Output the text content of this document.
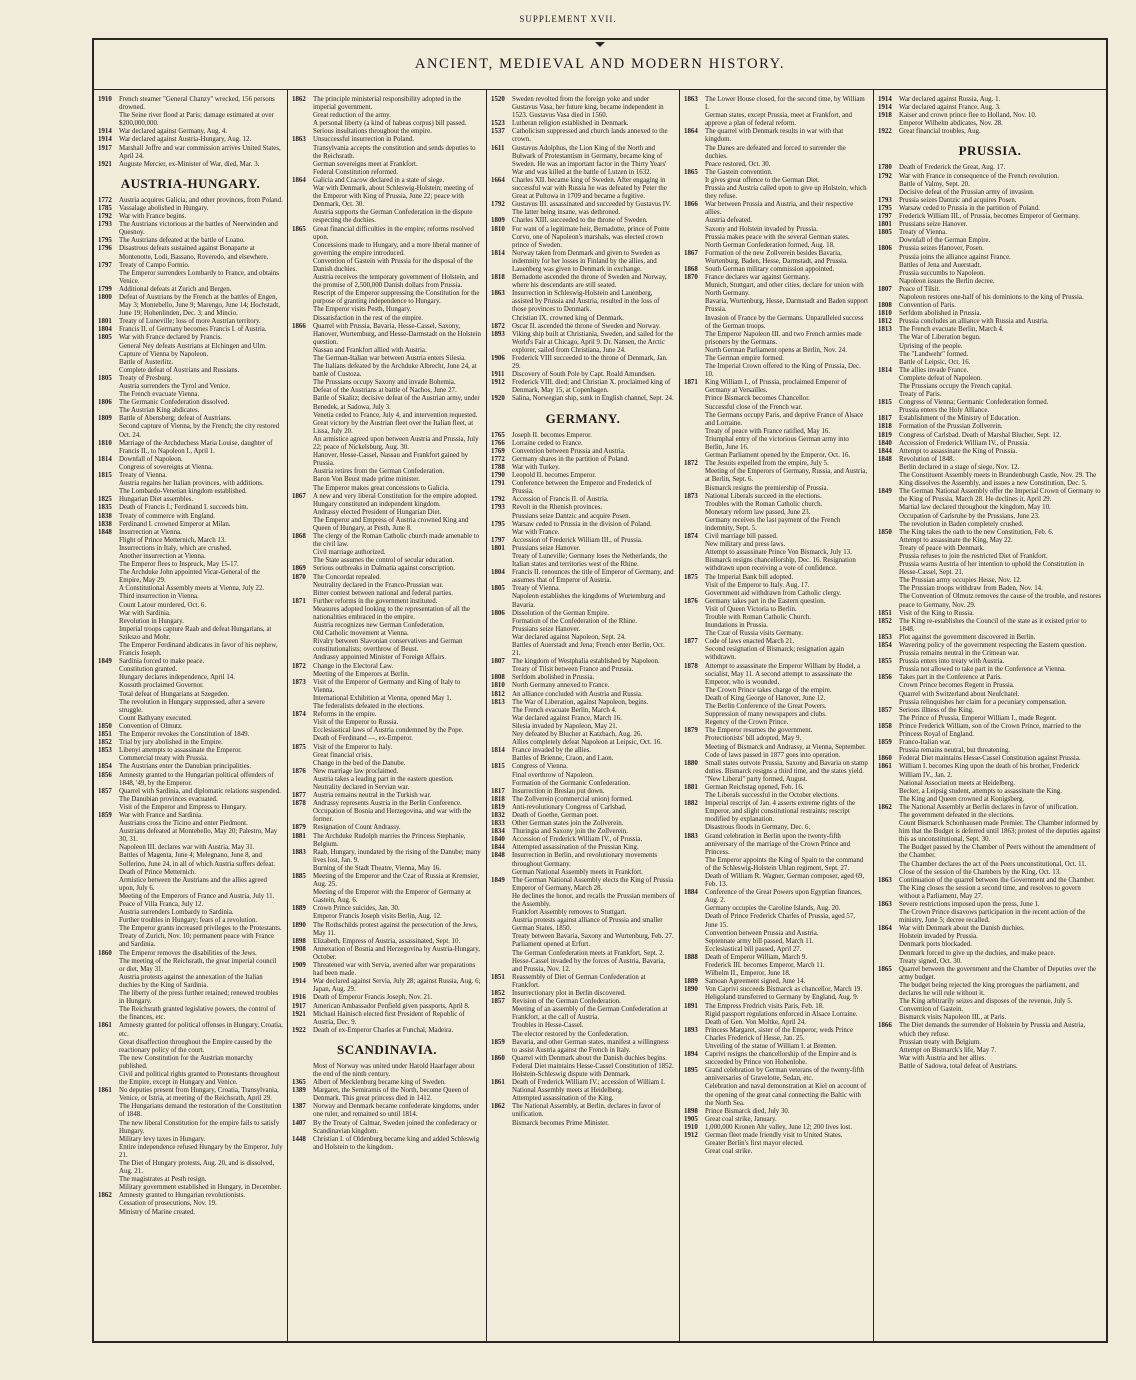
SUPPLEMENT XVII.
ANCIENT, MEDIEVAL AND MODERN HISTORY.
1910	French steamer "General Chanzy" wrecked, 156 persons drowned.
The Seine river flood at Paris; damage estimated at over $200,000,000.
1914	War declared against Germany, Aug. 4.
1914	War declared against Austria-Hungary, Aug. 12.
1917	Marshall Joffre and war commission arrives United States, April 24.
1921	Auguste Mercier, ex-Minister of War, died, Mar. 3.
AUSTRIA-HUNGARY.
1772	Austria acquires Galicia, and other provinces, from Poland.
1785	Vassalage abolished in Hungary.
1792	War with France begins.
1793	The Austrians victorious at the battles of Neerwinden and Quesnoy.
1795	The Austrians defeated at the battle of Loano.
1796	Disastrous defeats sustained against Bonaparte at Montenotte, Lodi, Bassano, Roveredo, and elsewhere.
1797	Treaty of Campo Formio.
The Emperor surrenders Lombardy to France, and obtains Venice.
1799	Additional defeats at Zurich and Bergen.
1800	Defeat of Austrians by the French at the battles of Engen, May 3; Montebello, June 9; Marengo, June 14; Hochstadt, June 19; Hohenlinden, Dec. 3; and Mincio.
1801	Treaty of Luneville; loss of more Austrian territory.
1804	Francis II. of Germany becomes Francis I. of Austria.
1805	War with France declared by Francis.
General Ney defeats Austrians at Elchingen and Ulm.
Capture of Vienna by Napoleon.
Battle of Austerlitz.
Complete defeat of Austrians and Russians.
1805	Treaty of Presburg.
Austria surrenders the Tyrol and Venice.
The French evacuate Vienna.
1806	The Germanic Confederation dissolved.
The Austrian King abdicates.
1809	Battle of Abensberg; defeat of Austrians.
Second capture of Vienna, by the French; the city restored Oct. 24.
1810	Marriage of the Archduchess Maria Louise, daughter of Francis II., to Napoleon I., April 1.
1814	Downfall of Napoleon.
Congress of sovereigns at Vienna.
1815	Treaty of Vienna.
Austria regains her Italian provinces, with additions.
The Lombardo-Venetian kingdom established.
1825	Hungarian Diet assembles.
1835	Death of Francis I.; Ferdinand I. succeeds him.
1838	Treaty of commerce with England.
1838	Ferdinand I. crowned Emperor at Milan.
1848	Insurrection at Vienna.
Flight of Prince Metternich, March 13.
Insurrections in Italy, which are crushed.
Another insurrection at Vienna.
The Emperor flees to Inspruck, May 15-17.
The Archduke John appointed Vicar-General of the Empire, May 29.
A Constitutional Assembly meets at Vienna, July 22.
Third insurrection in Vienna.
Count Latour murdered, Oct. 6.
War with Sardinia.
Revolution in Hungary.
Imperial troops capture Raab and defeat Hungarians, at Szikszo and Mohr.
The Emperor Ferdinand abdicates in favor of his nephew, Francis Joseph.
1849	Sardinia forced to make peace.
Constitution granted.
Hungary declares independence, April 14.
Kossuth proclaimed Governor.
Total defeat of Hungarians at Szegeden.
The revolution in Hungary suppressed, after a severe struggle.
Count Bathyany executed.
1850	Convention of Olmutz.
1851	The Emperor revokes the Constitution of 1849.
1852	Trial by jury abolished in the Empire.
1853	Libenyi attempts to assassinate the Emperor.
Commercial treaty with Prussia.
1854	The Austrians enter the Danubian principalities.
1856	Amnesty granted to the Hungarian political offenders of 1848, '49, by the Emperor.
1857	Quarrel with Sardinia, and diplomatic relations suspended.
The Danubian provinces evacuated.
Visit of the Emperor and Empress to Hungary.
1859	War with France and Sardinia.
Austrians cross the Ticino and enter Piedmont.
Austrians defeated at Montebello, May 20; Palestro, May 30, 31.
Napoleon III. declares war with Austria, May 31.
Battles of Magenta, June 4; Melegnano, June 8, and Solferino, June 24, in all of which Austria suffers defeat.
Death of Prince Metternich.
Armistice between the Austrians and the allies agreed upon, July 6.
Meeting of the Emperors of France and Austria, July 11.
Peace of Villa Franca, July 12.
Austria surrenders Lombardy to Sardinia.
Further troubles in Hungary; fears of a revolution.
The Emperor grants increased privileges to the Protestants.
Treaty of Zurich, Nov. 10; permanent peace with France and Sardinia.
1860	The Emperor removes the disabilities of the Jews.
The meeting of the Reichsrath, the great imperial council or diet, May 31.
Austria protests against the annexation of the Italian duchies by the King of Sardinia.
The liberty of the press further retained; renewed troubles in Hungary.
The Reichsrath granted legislative powers, the control of the finances, etc.
1861	Amnesty granted for political offenses in Hungary, Croatia, etc.
Great disaffection throughout the Empire caused by the reactionary policy of the court.
The new Constitution for the Austrian monarchy published.
Civil and political rights granted to Protestants throughout the Empire, except in Hungary and Venice.
1861	No deputies present from Hungary, Croatia, Transylvania, Venice, or Istria, at meeting of the Reichsrath, April 29.
The Hungarians demand the restoration of the Constitution of 1848.
The new liberal Constitution for the empire fails to satisfy Hungary.
Military levy taxes in Hungary.
Entire independence refused Hungary by the Emperor, July 21.
The Diet of Hungary protests, Aug. 20, and is dissolved, Aug. 21.
The magistrates at Pesth resign.
Military government established in Hungary, in December.
1862	Amnesty granted to Hungarian revolutionists.
Cessation of prosecutions, Nov. 19.
Ministry of Marine created.
1862	The principle ministerial responsibility adopted in the imperial government.
Great reduction of the army.
A personal liberty (a kind of habeas corpus) bill passed.
Serious insultations throughout the empire.
1863	Unsuccessful insurrection in Poland.
Transylvania accepts the constitution and sends deputies to the Reichsrath.
German sovereigns meet at Frankfort.
Federal Constitution reformed.
1864	Galicia and Cracow declared in a state of siege.
War with Denmark, about Schleswig-Holstein; meeting of the Emperor with King of Prussia, June 22; peace with Denmark, Oct. 30.
Austria supports the German Confederation in the dispute respecting the duchies.
1865	Great financial difficulties in the empire; reforms resolved upon.
Concessions made to Hungary, and a more liberal manner of governing the empire introduced.
Convention of Gastein with Prussia for the disposal of the Danish duchies.
Austria receives the temporary government of Holstein, and the promise of 2,500,000 Danish dollars from Prussia.
Rescript of the Emperor suppressing the Constitution for the purpose of granting independence to Hungary.
The Emperor visits Pesth, Hungary.
Dissatisfaction in the rest of the empire.
1866	Quarrel with Prussia, Bavaria, Hesse-Cassel, Saxony, Hanover, Wurtemburg, and Hesse-Darmstadt on the Holstein question.
Nassau and Frankfort allied with Austria.
The German-Italian war between Austria enters Silesia.
The Italians defeated by the Archduke Albrecht, June 24, at battle of Custoza.
The Prussians occupy Saxony and invade Bohemia.
Defeat of the Austrians at battle of Nachos, June 27.
Battle of Skalitz; decisive defeat of the Austrian army, under Benedek, at Sadowa, July 3.
Venetia ceded to France, July 4, and intervention requested.
Great victory by the Austrian fleet over the Italian fleet, at Lissa, July 20.
An armistice agreed upon between Austria and Prussia, July 22; peace of Nickelsburg, Aug. 30.
Hanover, Hesse-Cassel, Nassau and Frankfort gained by Prussia.
Austria retires from the German Confederation.
Baron Von Beust made prime minister.
The Emperor makes great concessions to Galicia.
1867	A new and very liberal Constitution for the empire adopted.
Hungary constituted an independent kingdom.
Andrassy elected President of Hungarian Diet.
The Emperor and Empress of Austria crowned King and Queen of Hungary, at Pesth, June 8.
1868	The clergy of the Roman Catholic church made amenable to the civil law.
Civil marriage authorized.
The State assumes the control of secular education.
1869	Serious outbreaks in Dalmatia against conscription.
1870	The Concordat repealed.
Neutrality declared in the Franco-Prussian war.
Bitter contest between national and federal parties.
1871	Further reforms in the government instituted.
Measures adopted looking to the representation of all the nationalities embraced in the empire.
Austria recognizes new German Confederation.
Old Catholic movement at Vienna.
Rivalry between Slavonian conservatives and German constitutionalists; overthrow of Beust.
Andrassy appointed Minister of Foreign Affairs.
1872	Change in the Electoral Law.
Meeting of the Emperors at Berlin.
1873	Visit of the Emperor of Germany and King of Italy to Vienna.
International Exhibition at Vienna, opened May 1.
The federalists defeated in the elections.
1874	Reforms in the empire.
Visit of the Emperor to Russia.
Ecclesiastical laws of Austria condemned by the Pope.
Death of Ferdinand —, ex-Emperor.
1875	Visit of the Emperor to Italy.
Great financial crisis.
Change in the bed of the Danube.
1876	New marriage law proclaimed.
Austria takes a leading part in the eastern question.
Neutrality declared in Servian war.
1877	Austria remains neutral in the Turkish war.
1878	Andrassy represents Austria in the Berlin Conference.
Occupation of Bosnia and Herzegovina, and war with the former.
1879	Resignation of Count Andrassy.
1881	The Archduke Rudolph marries the Princess Stephanie, Belgium.
1883	Raab, Hungary, inundated by the rising of the Danube; many lives lost, Jan. 9.
Burning of the Stadt Theatre, Vienna, May 16.
1885	Meeting of the Emperor and the Czar of Russia at Kremsier, Aug. 25.
Meeting of the Emperor with the Emperor of Germany at Gastein, Aug. 6.
1889	Crown Prince suicides, Jan. 30.
Emperor Francis Joseph visits Berlin, Aug. 12.
1890	The Rothschilds protest against the persecution of the Jews, May 11.
1898	Elizabeth, Empress of Austria, assassinated, Sept. 10.
1908	Annexation of Bosnia and Herzegovina by Austria-Hungary, October.
1909	Threatened war with Servia, averted after war preparations had been made.
1914	War declared against Servia, July 28; against Russia, Aug. 6; Japan, Aug. 29.
1916	Death of Emperor Francis Joseph, Nov. 21.
1917	American Ambassador Penfield given passports, April 8.
1921	Michael Hainisch elected first President of Republic of Austria, Dec. 9.
1922	Death of ex-Emperor Charles at Funchal, Madeira.
SCANDINAVIA.
Most of Norway was united under Harold Haarfager about the end of the ninth century.
1365	Albert of Mecklenburg became king of Sweden.
1389	Margaret, the Semiramis of the North, become Queen of Denmark. This great princess died in 1412.
1387	Norway and Denmark became confederate kingdoms, under one ruler, and remained so until 1814.
1407	By the Treaty of Calmar, Sweden joined the confederacy or Scandinavian kingdom.
1448	Christian I. of Oldenburg became king and added Schleswig and Holstein to the kingdom.
1520	Sweden revolted from the foreign yoke and under Gustavus Vasa, her future king, became independent in 1523. Gustavus Vasa died in 1560.
1523	Lutheran religion established in Denmark.
1537	Catholicism suppressed and church lands annexed to the crown.
1611	Gustavus Adolphus, the Lion King of the North and Bulwark of Protestantism in Germany, became king of Sweden. He was an important factor in the Thirty Years' War and was killed at the battle of Lutzen in 1632.
1664	Charles XII. became king of Sweden. After engaging in successful war with Russia he was defeated by Peter the Great at Pultowa in 1709 and became a fugitive.
1792	Gustavus III. assassinated and succeeded by Gustavus IV. The latter being insane, was dethroned.
1809	Charles XIII. succeeded to the throne of Sweden.
1810	For want of a legitimate heir, Bernadotte, prince of Ponte Corvo, one of Napoleon's marshals, was elected crown prince of Sweden.
1814	Norway taken from Denmark and given to Sweden as indemnity for her losses in Finland by the allies, and Lauenberg was given to Denmark in exchange.
1818	Bernadotte ascended the throne of Sweden and Norway, where his descendants are still seated.
1863	Insurrection in Schleswig-Holstein and Lauenberg, assisted by Prussia and Austria, resulted in the loss of those provinces to Denmark.
Christian IX. crowned king of Denmark.
1872	Oscar II. ascended the throne of Sweden and Norway.
1893	Viking ship built at Christiania, Sweden, and sailed for the World's Fair at Chicago, April 9. Dr. Nansen, the Arctic explorer, sailed from Christiana, June 24.
1906	Frederick VIII succeeded to the throne of Denmark, Jan. 29.
1911	Discovery of South Pole by Capt. Roald Amundsen.
1912	Frederick VIII. died; and Christian X. proclaimed king of Denmark, May 15, at Copenhagen.
1920	Salina, Norwegian ship, sunk in English channel, Sept. 24.
GERMANY.
1765	Joseph II. becomes Emperor.
1766	Lorraine ceded to France.
1769	Convention between Prussia and Austria.
1772	Germany shares in the partition of Poland.
1788	War with Turkey.
1790	Leopold II. becomes Emperor.
1791	Conference between the Emperor and Frederick of Prussia.
1792	Accession of Francis II. of Austria.
1793	Revolt in the Rhenish provinces.
Prussians seize Dantzic and acquire Posen.
1795	Warsaw ceded to Prussia in the division of Poland.
War with France.
1797	Accession of Frederick William III., of Prussia.
1801	Prussians seize Hanover.
Treaty of Luneville; Germany loses the Netherlands, the Italian states and territories west of the Rhine.
1804	Francis II. renounces the title of Emperor of Germany, and assumes that of Emperor of Austria.
1805	Treaty of Vienna.
Napoleon establishes the kingdoms of Wurtemburg and Bavaria.
1806	Dissolution of the German Empire.
Formation of the Confederation of the Rhine.
Prussians seize Hanover.
War declared against Napoleon, Sept. 24.
Battles of Auerstadt and Jena; French enter Berlin, Oct. 21.
1807	The kingdom of Westphalia established by Napoleon.
Treaty of Tilsit between France and Prussia.
1808	Serfdom abolished in Prussia.
1810	North Germany annexed to France.
1812	An alliance concluded with Austria and Russia.
1813	The War of Liberation, against Napoleon, begins.
The French evacuate Berlin, March 4.
War declared against France, March 16.
Silesia invaded by Napoleon, May 21.
Ney defeated by Blucher at Katzbach, Aug. 26.
Allies completely defeat Napoleon at Leipsic, Oct. 16.
1814	France invaded by the allies.
Battles of Brienne, Craon, and Laon.
1815	Congress of Vienna.
Final overthrow of Napoleon.
Formation of the Germanic Confederation.
1817	Insurrection in Breslau put down.
1818	The Zollverein (commercial union) formed.
1819	Anti-revolutionary Congress of Carlsbad.
1832	Death of Goethe, German poet.
1833	Other German states join the Zollverein.
1834	Thuringia and Saxony join the Zollverein.
1840	Accession of Frederick William IV., of Prussia.
1844	Attempted assassination of the Prussian King.
1848	Insurrection in Berlin, and revolutionary movements throughout Germany.
German National Assembly meets in Frankfort.
1849	The German National Assembly elects the King of Prussia Emperor of Germany, March 28.
He declines the honor, and recalls the Prussian members of the Assembly.
Frankfort Assembly removes to Stuttgart.
Austria protests against alliance of Prussia and smaller German States, 1850.
Treaty between Bavaria, Saxony and Wurtenburg, Feb. 27.
Parliament opened at Erfurt.
The German Confederation meets at Frankfort, Sept. 2.
Hesse-Cassel invaded by the forces of Austria, Bavaria, and Prussia, Nov. 12.
1851	Reassembly of Diet of German Confederation at Frankfort.
1852	Insurrectionary plot in Berlin discovered.
1857	Revision of the German Confederation.
Meeting of an assembly of the German Confederation at Frankfort, at the call of Austria.
Troubles in Hesse-Cassel.
The elector restored by the Confederation.
1859	Bavaria, and other German states, manifest a willingness to assist Austria against the French in Italy.
1860	Quarrel with Denmark about the Danish duchies begins.
Federal Diet maintains Hesse-Cassel Constitution of 1852.
Holstein-Schleswig dispute with Denmark.
1861	Death of Frederick William IV.; accession of William I.
National Assembly meets at Heidelberg.
Attempted assassination of the King.
1862	The National Assembly, at Berlin, declares in favor of unification.
Bismarck becomes Prime Minister.
1863	The Lower House closed, for the second time, by William I.
German states, except Prussia, meet at Frankfort, and approve a plan of federal reform.
1864	The quarrel with Denmark results in war with that kingdom.
The Danes are defeated and forced to surrender the duchies.
Peace restored, Oct. 30.
1865	The Gastein convention.
It gives great offence to the German Diet.
Prussia and Austria called upon to give up Holstein, which they refuse.
1866	War between Prussia and Austria, and their respective allies.
Austria defeated.
Saxony and Holstein invaded by Prussia.
Prussia makes peace with the several German states.
North German Confederation formed, Aug. 18.
1867	Formation of the new Zollverein besides Bavaria, Wurtenburg, Baden, Hesse, Darmstadt, and Prussia.
1868	South German military commission appointed.
1870	France declares war against Germany.
Munich, Stuttgart, and other cities, declare for union with North Germany.
Bavaria, Wurtenburg, Hesse, Darmstadt and Baden support Prussia.
Invasion of France by the Germans. Unparalleled success of the German troops.
The Emperor Napoleon III. and two French armies made prisoners by the Germans.
North German Parliament opens at Berlin, Nov. 24.
The German empire formed.
The Imperial Crown offered to the King of Prussia, Dec. 10.
1871	King William I., of Prussia, proclaimed Emperor of Germany at Versailles.
Prince Bismarck becomes Chancellor.
Successful close of the French war.
The Germans occupy Paris, and deprive France of Alsace and Lorraine.
Treaty of peace with France ratified, May 16.
Triumphal entry of the victorious German army into Berlin, June 16.
German Parliament opened by the Emperor, Oct. 16.
1872	The Jesuits expelled from the empire, July 5.
Meeting of the Emperors of Germany, Russia, and Austria, at Berlin, Sept. 6.
Bismarck resigns the premiership of Prussia.
1873	National Liberals succeed in the elections.
Troubles with the Roman Catholic church.
Monetary reform law passed, June 23.
Germany receives the last payment of the French indemnity, Sept. 5.
1874	Civil marriage bill passed.
New military and press laws.
Attempt to assassinate Prince Von Bismarck, July 13.
Bismarck resigns chancellorship, Dec. 16. Resignation withdrawn upon receiving a vote of confidence.
1875	The Imperial Bank bill adopted.
Visit of the Emperor to Italy. Aug. 17.
Government aid withdrawn from Catholic clergy.
1876	Germany takes part in the Eastern question.
Visit of Queen Victoria to Berlin.
Trouble with Roman Catholic Church.
Inundations in Prussia.
The Czar of Russia visits Germany.
1877	Code of laws enacted March 21.
Second resignation of Bismarck; resignation again withdrawn.
1878	Attempt to assassinate the Emperor William by Hodel, a socialist, May 11. A second attempt to assassinate the Emperor, who is wounded.
The Crown Prince takes charge of the empire.
Death of King George of Hanover, June 12.
The Berlin Conference of the Great Powers.
Suppression of many newspapers and clubs.
Regency of the Crown Prince.
1879	The Emperor resumes the government.
Protectionists' bill adopted, May 9.
Meeting of Bismarck and Andrassy, at Vienna, September.
Code of laws passed in 1877 goes into operation.
1880	Small states outvote Prussia, Saxony and Bavaria on stamp duties. Bismarck resigns a third time, and the states yield.
"New Liberal" party formed, August.
1881	German Reichstag opened, Feb. 16.
The Liberals successful in the October elections.
1882	Imperial rescript of Jan. 4 asserts extreme rights of the Emperor, and slight constitutional restraints; rescript modified by explanation.
Disastrous floods in Germany, Dec. 6.
1883	Grand celebration in Berlin upon the twenty-fifth anniversary of the marriage of the Crown Prince and Princess.
The Emperor appoints the King of Spain to the command of the Schleswig-Holstein Uhlan regiment, Sept. 27.
Death of William R. Wagner, German composer, aged 69, Feb. 13.
1884	Conference of the Great Powers upon Egyptian finances, Aug. 2.
Germany occupies the Caroline Islands, Aug. 20.
Death of Prince Frederick Charles of Prussia, aged 57, June 15.
Convention between Prussia and Austria.
Septennate army bill passed, March 11.
Ecclesiastical bill passed, April 27.
1888	Death of Emperor William, March 9.
Frederick III. becomes Emperor, March 11.
Wilhelm II., Emperor, June 18.
1889	Samoan Agreement signed, June 14.
1890	Von Caprivi succeeds Bismarck as chancellor, March 19.
Heligoland transferred to Germany by England, Aug. 9.
1891	The Empress Fredrich visits Paris, Feb. 18.
Rigid passport regulations enforced in Alsace Lorraine.
Death of Gen. Von Moltke, April 24.
1893	Princess Margaret, sister of the Emperor, weds Prince Charles Frederick of Hesse, Jan. 25.
Unveiling of the statue of William I. at Bremen.
1894	Caprivi resigns the chancellorship of the Empire and is succeeded by Prince von Hohenlohe.
1895	Grand celebration by German veterans of the twenty-fifth anniversaries of Gravelotte, Sedan, etc.
Celebration and naval demonstration at Kiel on account of the opening of the great canal connecting the Baltic with the North Sea.
1898	Prince Bismarck died, July 30.
1905	Great coal strike, January.
1910	1,000,000 Kronen Ahr valley, June 12; 200 lives lost.
1912	German fleet made friendly visit to United States.
Greater Berlin's first mayor elected.
Great coal strike.
1914	War declared against Russia, Aug. 1.
1914	War declared against France, Aug. 3.
1918	Kaiser and crown prince flee to Holland, Nov. 10.
Emperor Wilhelm abdicates, Nov. 28.
1922	Great financial troubles, Aug.
PRUSSIA.
1780	Death of Frederick the Great, Aug. 17.
1792	War with France in consequence of the French revolution.
Battle of Valmy, Sept. 20.
Decisive defeat of the Prussian army of invasion.
1793	Prussia seizes Dantzic and acquires Posen.
1795	Warsaw ceded to Prussia in the partition of Poland.
1797	Frederick William III., of Prussia, becomes Emperor of Germany.
1801	Prussians seize Hanover.
1805	Treaty of Vienna.
Downfall of the German Empire.
1806	Prussia seizes Hanover, Posen.
Prussia joins the alliance against France.
Battles of Jena and Auerstadt.
Prussia succumbs to Napoleon.
Napoleon issues the Berlin decree.
1807	Peace of Tilsit.
Napoleon restores one-half of his dominions to the king of Prussia.
1808	Convention of Paris.
1810	Serfdom abolished in Prussia.
1812	Prussia concludes an alliance with Russia and Austria.
1813	The French evacuate Berlin, March 4.
The War of Liberation begun.
Uprising of the people.
The "Landwehr" formed.
Battle of Leipsic, Oct. 16.
1814	The allies invade France.
Complete defeat of Napoleon.
The Prussians occupy the French capital.
Treaty of Paris.
1815	Congress of Vienna; Germanic Confederation formed.
Prussia enters the Holy Alliance.
1817	Establishment of the Ministry of Education.
1818	Formation of the Prussian Zollverein.
1819	Congress of Carlsbad. Death of Marshal Blucher, Sept. 12.
1840	Accession of Frederick William IV., of Prussia.
1844	Attempt to assassinate the King of Prussia.
1848	Revolution of 1848.
Berlin declared in a stage of siege, Nov. 12.
The Constituent Assembly meets in Brandenburgh Castle, Nov. 29. The King dissolves the Assembly, and issues a new Constitution, Dec. 5.
1849	The German National Assembly offer the Imperial Crown of Germany to the King of Prussia, March 28. He declines it, April 29.
Martial law declared throughout the kingdom, May 10.
Occupation of Carlsruhe by the Prussians, June 23.
The revolution in Baden completely crushed.
1850	The King takes the oath to the new Constitution, Feb. 6.
Attempt to assassinate the King, May 22.
Treaty of peace with Denmark.
Prussia refuses to join the restricted Diet of Frankfort.
Prussia warns Austria of her intention to uphold the Constitution in Hesse-Cassel, Sept. 21.
The Prussian army occupies Hesse, Nov. 12.
The Prussian troops withdraw from Baden, Nov. 14.
The Convention of Olmutz removes the cause of the trouble, and restores peace to Germany, Nov. 29.
1851	Visit of the King to Russia.
1852	The King re-establishes the Council of the state as it existed prior to 1848.
1853	Plot against the government discovered in Berlin.
1854	Wavering policy of the government respecting the Eastern question.
Prussia remains neutral in the Crimean war.
1855	Prussia enters into treaty with Austria.
Prussia not allowed to take part in the Conference at Vienna.
1856	Takes part in the Conference at Paris.
Crown Prince becomes Regent in Prussia.
Quarrel with Switzerland about Neufchatel.
Prussia relinquishes her claim for a pecuniary compensation.
1857	Serious illness of the King.
The Prince of Prussia, Emperor William I., made Regent.
1858	Prince Frederick William, son of the Crown Prince, married to the Princess Royal of England.
1859	Franco-Italian war.
Prussia remains neutral, but threatening.
1860	Federal Diet maintains Hesse-Cassel Constitution against Prussia.
1861	William I. becomes King upon the death of his brother, Frederick William IV., Jan. 2.
National Association meets at Heidelberg.
Becker, a Leipsig student, attempts to assassinate the King.
The King and Queen crowned at Konigsberg.
1862	The National Assembly at Berlin declares in favor of unification.
The government defeated in the elections.
Count Bismarck Schonhausen made Premier. The Chamber informed by him that the Budget is deferred until 1863; protest of the deputies against this as unconstitutional, Sept. 30.
The Budget passed by the Chamber of Peers without the amendment of the Chamber.
The Chamber declares the act of the Peers unconstitutional, Oct. 11.
Close of the session of the Chambers by the King, Oct. 13.
1863	Continuation of the quarrel between the Government and the Chamber.
The King closes the session a second time, and resolves to govern without a Parliament, May 27.
1863	Severe restrictions imposed upon the press, June 1.
The Crown Prince disavows participation in the recent action of the ministry, June 5; decree recalled.
1864	War with Denmark about the Danish duchies.
Holstein invaded by Prussia.
Denmark ports blockaded.
Denmark forced to give up the duchies, and make peace.
Treaty signed, Oct. 30.
1865	Quarrel between the government and the Chamber of Deputies over the army budget.
The budget being rejected the king prorogues the parliament, and declares he will rule without it.
The King arbitrarily seizes and disposes of the revenue, July 5.
Convention of Gastein.
Bismarck visits Napoleon III., at Paris.
1866	The Diet demands the surrender of Holstein by Prussia and Austria, which they refuse.
Prussian treaty with Belgium.
Attempt on Bismarck's life, May 7.
War with Austria and her allies.
Battle of Sadowa, total defeat of Austrians.
